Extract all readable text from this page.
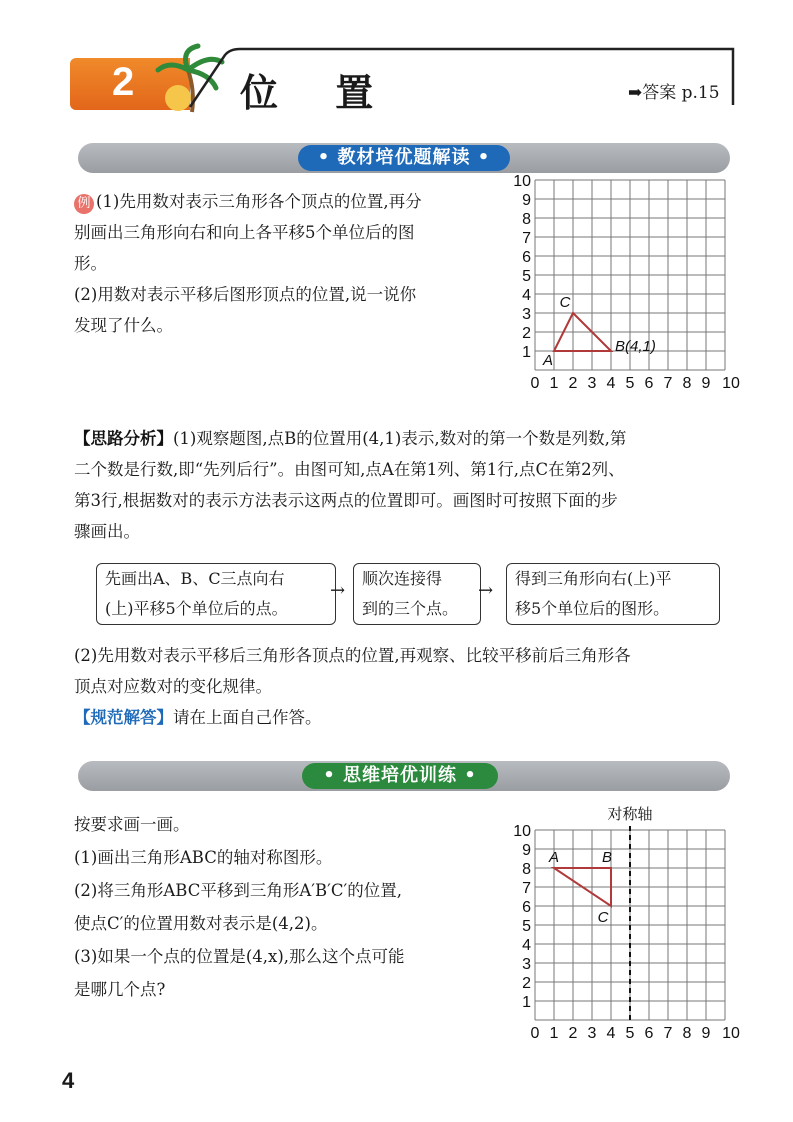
2	位 置	➡答案 p.15
• 教材培优题解读 •
例 (1)先用数对表示三角形各个顶点的位置,再分
别画出三角形向右和向上各平移5个单位后的图
形。
(2)用数对表示平移后图形顶点的位置,说一说你
发现了什么。
0 1 2 3 4 5 6 7 8 9 10
1
2
3
4
5
6
7
8
9
10
A
B(4,1)
C
【思路分析】(1)观察题图,点B的位置用(4,1)表示,数对的第一个数是列数,第
二个数是行数,即“先列后行”。由图可知,点A在第1列、第1行,点C在第2列、
第3行,根据数对的表示方法表示这两点的位置即可。画图时可按照下面的步
骤画出。
先画出A、B、C三点向右
(上)平移5个单位后的点。
→
顺次连接得
到的三个点。
→
得到三角形向右(上)平
移5个单位后的图形。
(2)先用数对表示平移后三角形各顶点的位置,再观察、比较平移前后三角形各
顶点对应数对的变化规律。
【规范解答】请在上面自己作答。
• 思维培优训练 •
按要求画一画。
(1)画出三角形ABC的轴对称图形。
(2)将三角形ABC平移到三角形A′B′C′的位置,
使点C′的位置用数对表示是(4,2)。
(3)如果一个点的位置是(4,x),那么这个点可能
是哪几个点?
对称轴
0 1 2 3 4 5 6 7 8 9 10
1
2
3
4
5
6
7
8
9
10
A	B
C
4
